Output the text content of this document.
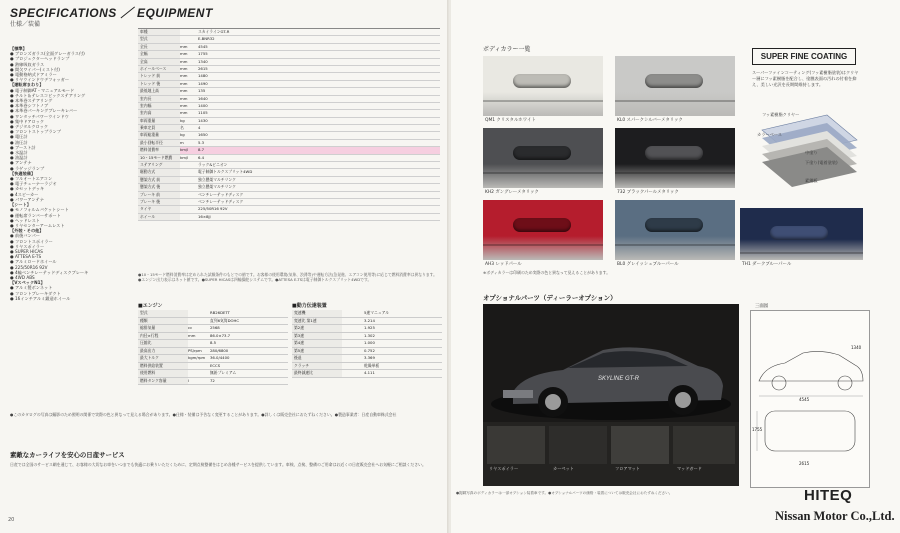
SPECIFICATIONS ／ EQUIPMENT
仕様／装備
【標準】
● ブロンズガラス(全面グレーガラス付)
● プロジェクターヘッドランプ
● 熱線吸収ガラス
● 間欠ワイパー(ミスト付)
● 電動格納式ドアミラー
● リヤウインドウデフォッガー
【運転席まわり】
● 電子制御AT・マニュアルモード
● チルト＆テレスコピックステアリング
● 本革巻ステアリング
● 本革巻シフトノブ
● 本革巻パーキングブレーキレバー
● ワンタッチパワーウインドウ
● 集中ドアロック
● デジタルクロック
● フロントストップランプ
● 電圧計
● 油圧計
● ブースト計
● 水温計
● 油温計
● アンテナ
● ラゲッジランプ
【快適装備】
● フルオートエアコン
● 電子チューナーラジオ
● カセットデッキ
● 4スピーカー
● パワーアンテナ
【シート】
● モノフォルムバケットシート
● 運転席ランバーサポート
● ヘッドレスト
● リヤセンターアームレスト
【外装・その他】
● 前後バンパー
● フロントスポイラー
● リヤスポイラー
● SUPER HICAS
● ATTESA E-TS
● アルミロードホイール
● 225/50R16 92V
● 4輪ベンチレーテッドディスクブレーキ
● 4WD ABS
【VスペックN1】
● アルミ製ボンネット
● フロントブレーキダクト
● 16インチアルミ鍛造ホイール
車種	スカイラインGT-R
型式	E-BNR32
全長	mm	4545
全幅	mm	1755
全高	mm	1340
ホイールベース	mm	2615
トレッド 前	mm	1480
トレッド 後	mm	1490
最低地上高	mm	135
室内長	mm	1640
室内幅	mm	1400
室内高	mm	1105
車両重量	kg	1430
乗車定員	名	4
車両総重量	kg	1650
最小回転半径	m	5.3
燃料消費率	km/l	8.7
10・15モード燃費	km/l	6.4
ステアリング	ラック&ピニオン
駆動方式	電子制御トルクスプリット4WD
懸架方式 前	独立懸架マルチリンク
懸架方式 後	独立懸架マルチリンク
ブレーキ 前	ベンチレーテッドディスク
ブレーキ 後	ベンチレーテッドディスク
タイヤ	225/50R16 92V
ホイール	16×8JJ
●10・15モード燃料消費率は定められた試験条件のもとでの値です。お客様の使用環境(気象、渋滞等)や運転方法(急発進、エアコン使用等)に応じて燃料消費率は異なります。●エンジン出力表示はネット値です。●SUPER HICASは四輪操舵システムです。●ATTESA E-TSは電子制御トルクスプリット4WDです。
■エンジン
型式	RB26DETT
種類	直列6気筒DOHC
総排気量	cc	2568
内径×行程	mm	86.0×73.7
圧縮比	8.5
最高出力	PS/rpm	280/6800
最大トルク	kgm/rpm	36.0/4400
燃料供給装置	ECCS
使用燃料	無鉛プレミアム
燃料タンク容量	l	72
■動力伝達装置
変速機	5速マニュアル
変速比 第1速	3.214
第2速	1.925
第3速	1.302
第4速	1.000
第5速	0.752
後退	3.369
クラッチ	乾燥単板
最終減速比	4.111
●このカタログの写真は撮影のため照明の関係で実際の色と異なって見える場合があります。●仕様・装備は予告なく変更することがあります。●詳しくは販売会社におたずねください。●製造事業者：日産自動車株式会社
素敵なカーライフを安心の日産サービス
日産では全国のサービス網を通じて、お客様の大切なお車をいつまでも快適にお乗りいただくために、定期点検整備をはじめ各種サービスを提供しています。車検、点検、整備のご用命はお近くの日産販売会社へお気軽にご相談ください。
20
ボディカラー一覧
QM1 クリスタルホワイト	KL0 スパークシルバーメタリック
KH2 ガングレーメタリック	732 ブラックパールメタリック
AH3 レッドパール	BL0 グレイッシュブルーパール	TH1 ダークブルーパール
SUPER FINE COATING
スーパーファインコーティング(フッ素樹脂塗装)はクリヤー層にフッ素樹脂を配合し、塗膜表面の汚れの付着を抑え、美しい光沢を長期間維持します。
フッ素樹脂クリヤー
カラーベース
中塗り
下塗り(電着塗装)
素鋼板
※ボディカラーは印刷のため実際の色と異なって見えることがあります。
オプショナルパーツ（ディーラーオプション）
SKYLINE GT-R
リヤスポイラー	カーペット	フロアマット	マッドガード
三面図
4545
1755
1340
2615
●掲載写真のボディカラーは一部オプション装着車です。●オプショナルパーツの価格・装着については販売会社におたずねください。	HITEQ
Nissan Motor Co.,Ltd.
